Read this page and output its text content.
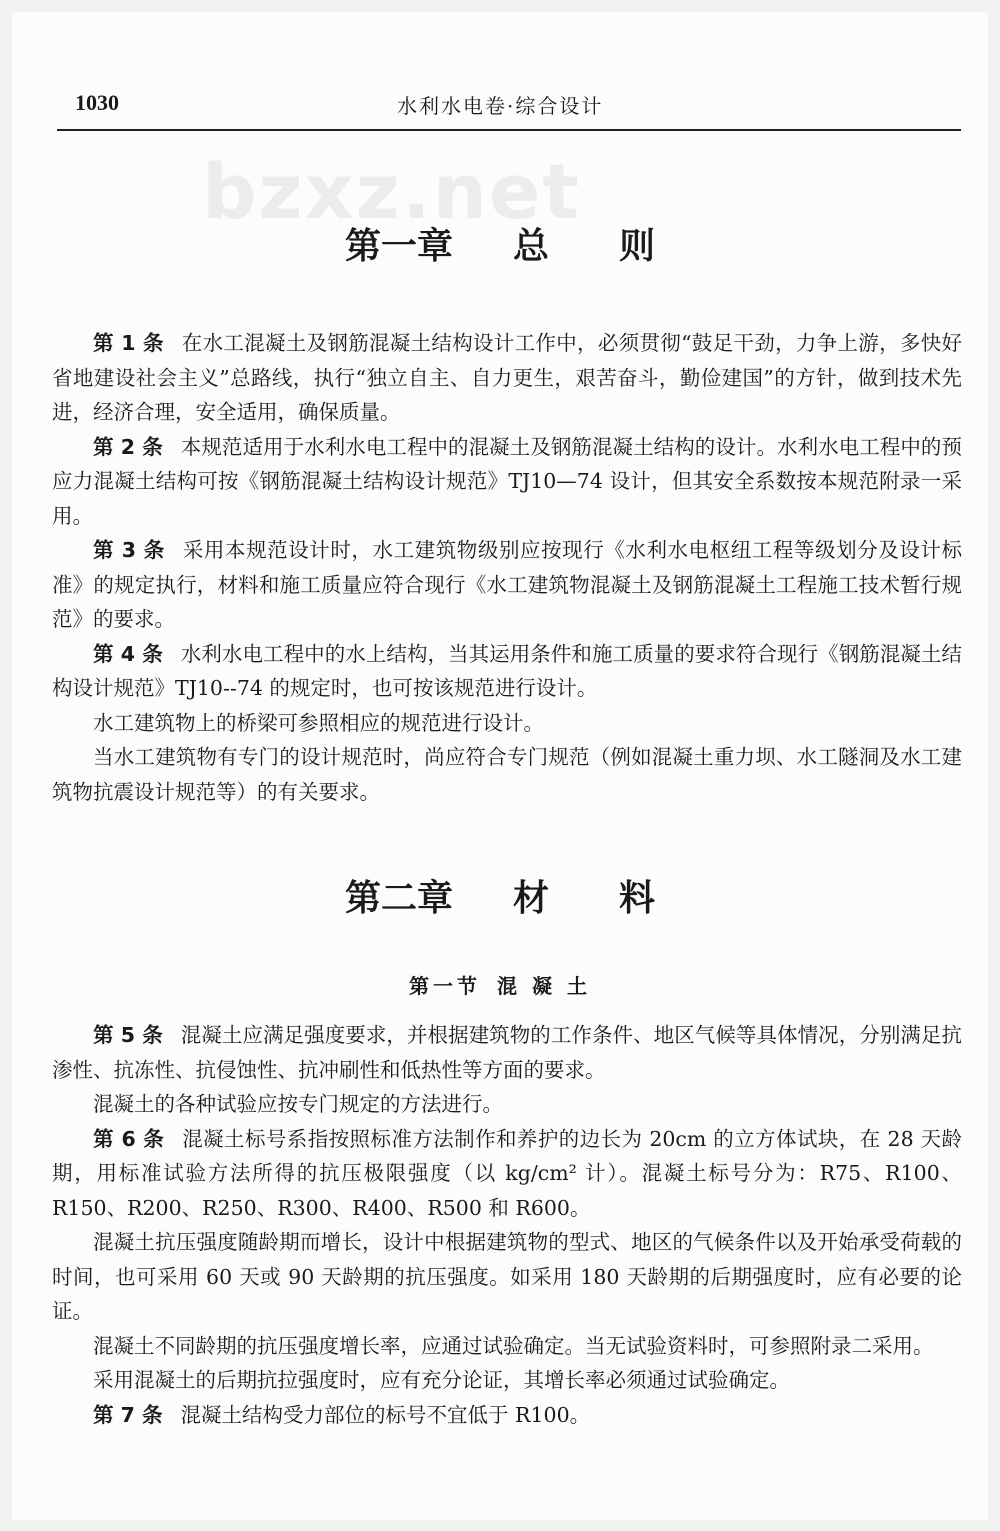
1030	水利水电卷·综合设计
bzxz.net
第一章 总 则

第 1 条 在水工混凝土及钢筋混凝土结构设计工作中，必须贯彻“鼓足干劲，力争上游，多快好省地建设社会主义”总路线，执行“独立自主、自力更生，艰苦奋斗，勤俭建国”的方针，做到技术先进，经济合理，安全适用，确保质量。

第 2 条 本规范适用于水利水电工程中的混凝土及钢筋混凝土结构的设计。水利水电工程中的预应力混凝土结构可按《钢筋混凝土结构设计规范》TJ10—74 设计，但其安全系数按本规范附录一采用。

第 3 条 采用本规范设计时，水工建筑物级别应按现行《水利水电枢纽工程等级划分及设计标准》的规定执行，材料和施工质量应符合现行《水工建筑物混凝土及钢筋混凝土工程施工技术暂行规范》的要求。

第 4 条 水利水电工程中的水上结构，当其运用条件和施工质量的要求符合现行《钢筋混凝土结构设计规范》TJ10--74 的规定时，也可按该规范进行设计。

水工建筑物上的桥梁可参照相应的规范进行设计。

当水工建筑物有专门的设计规范时，尚应符合专门规范（例如混凝土重力坝、水工隧洞及水工建筑物抗震设计规范等）的有关要求。

第二章 材 料
第一节 混 凝 土

第 5 条 混凝土应满足强度要求，并根据建筑物的工作条件、地区气候等具体情况，分别满足抗渗性、抗冻性、抗侵蚀性、抗冲刷性和低热性等方面的要求。

混凝土的各种试验应按专门规定的方法进行。

第 6 条 混凝土标号系指按照标准方法制作和养护的边长为 20cm 的立方体试块，在 28 天龄期，用标准试验方法所得的抗压极限强度（以 kg/cm² 计）。混凝土标号分为：R75、R100、R150、R200、R250、R300、R400、R500 和 R600。

混凝土抗压强度随龄期而增长，设计中根据建筑物的型式、地区的气候条件以及开始承受荷载的时间，也可采用 60 天或 90 天龄期的抗压强度。如采用 180 天龄期的后期强度时，应有必要的论证。

混凝土不同龄期的抗压强度增长率，应通过试验确定。当无试验资料时，可参照附录二采用。

采用混凝土的后期抗拉强度时，应有充分论证，其增长率必须通过试验确定。

第 7 条 混凝土结构受力部位的标号不宜低于 R100。
